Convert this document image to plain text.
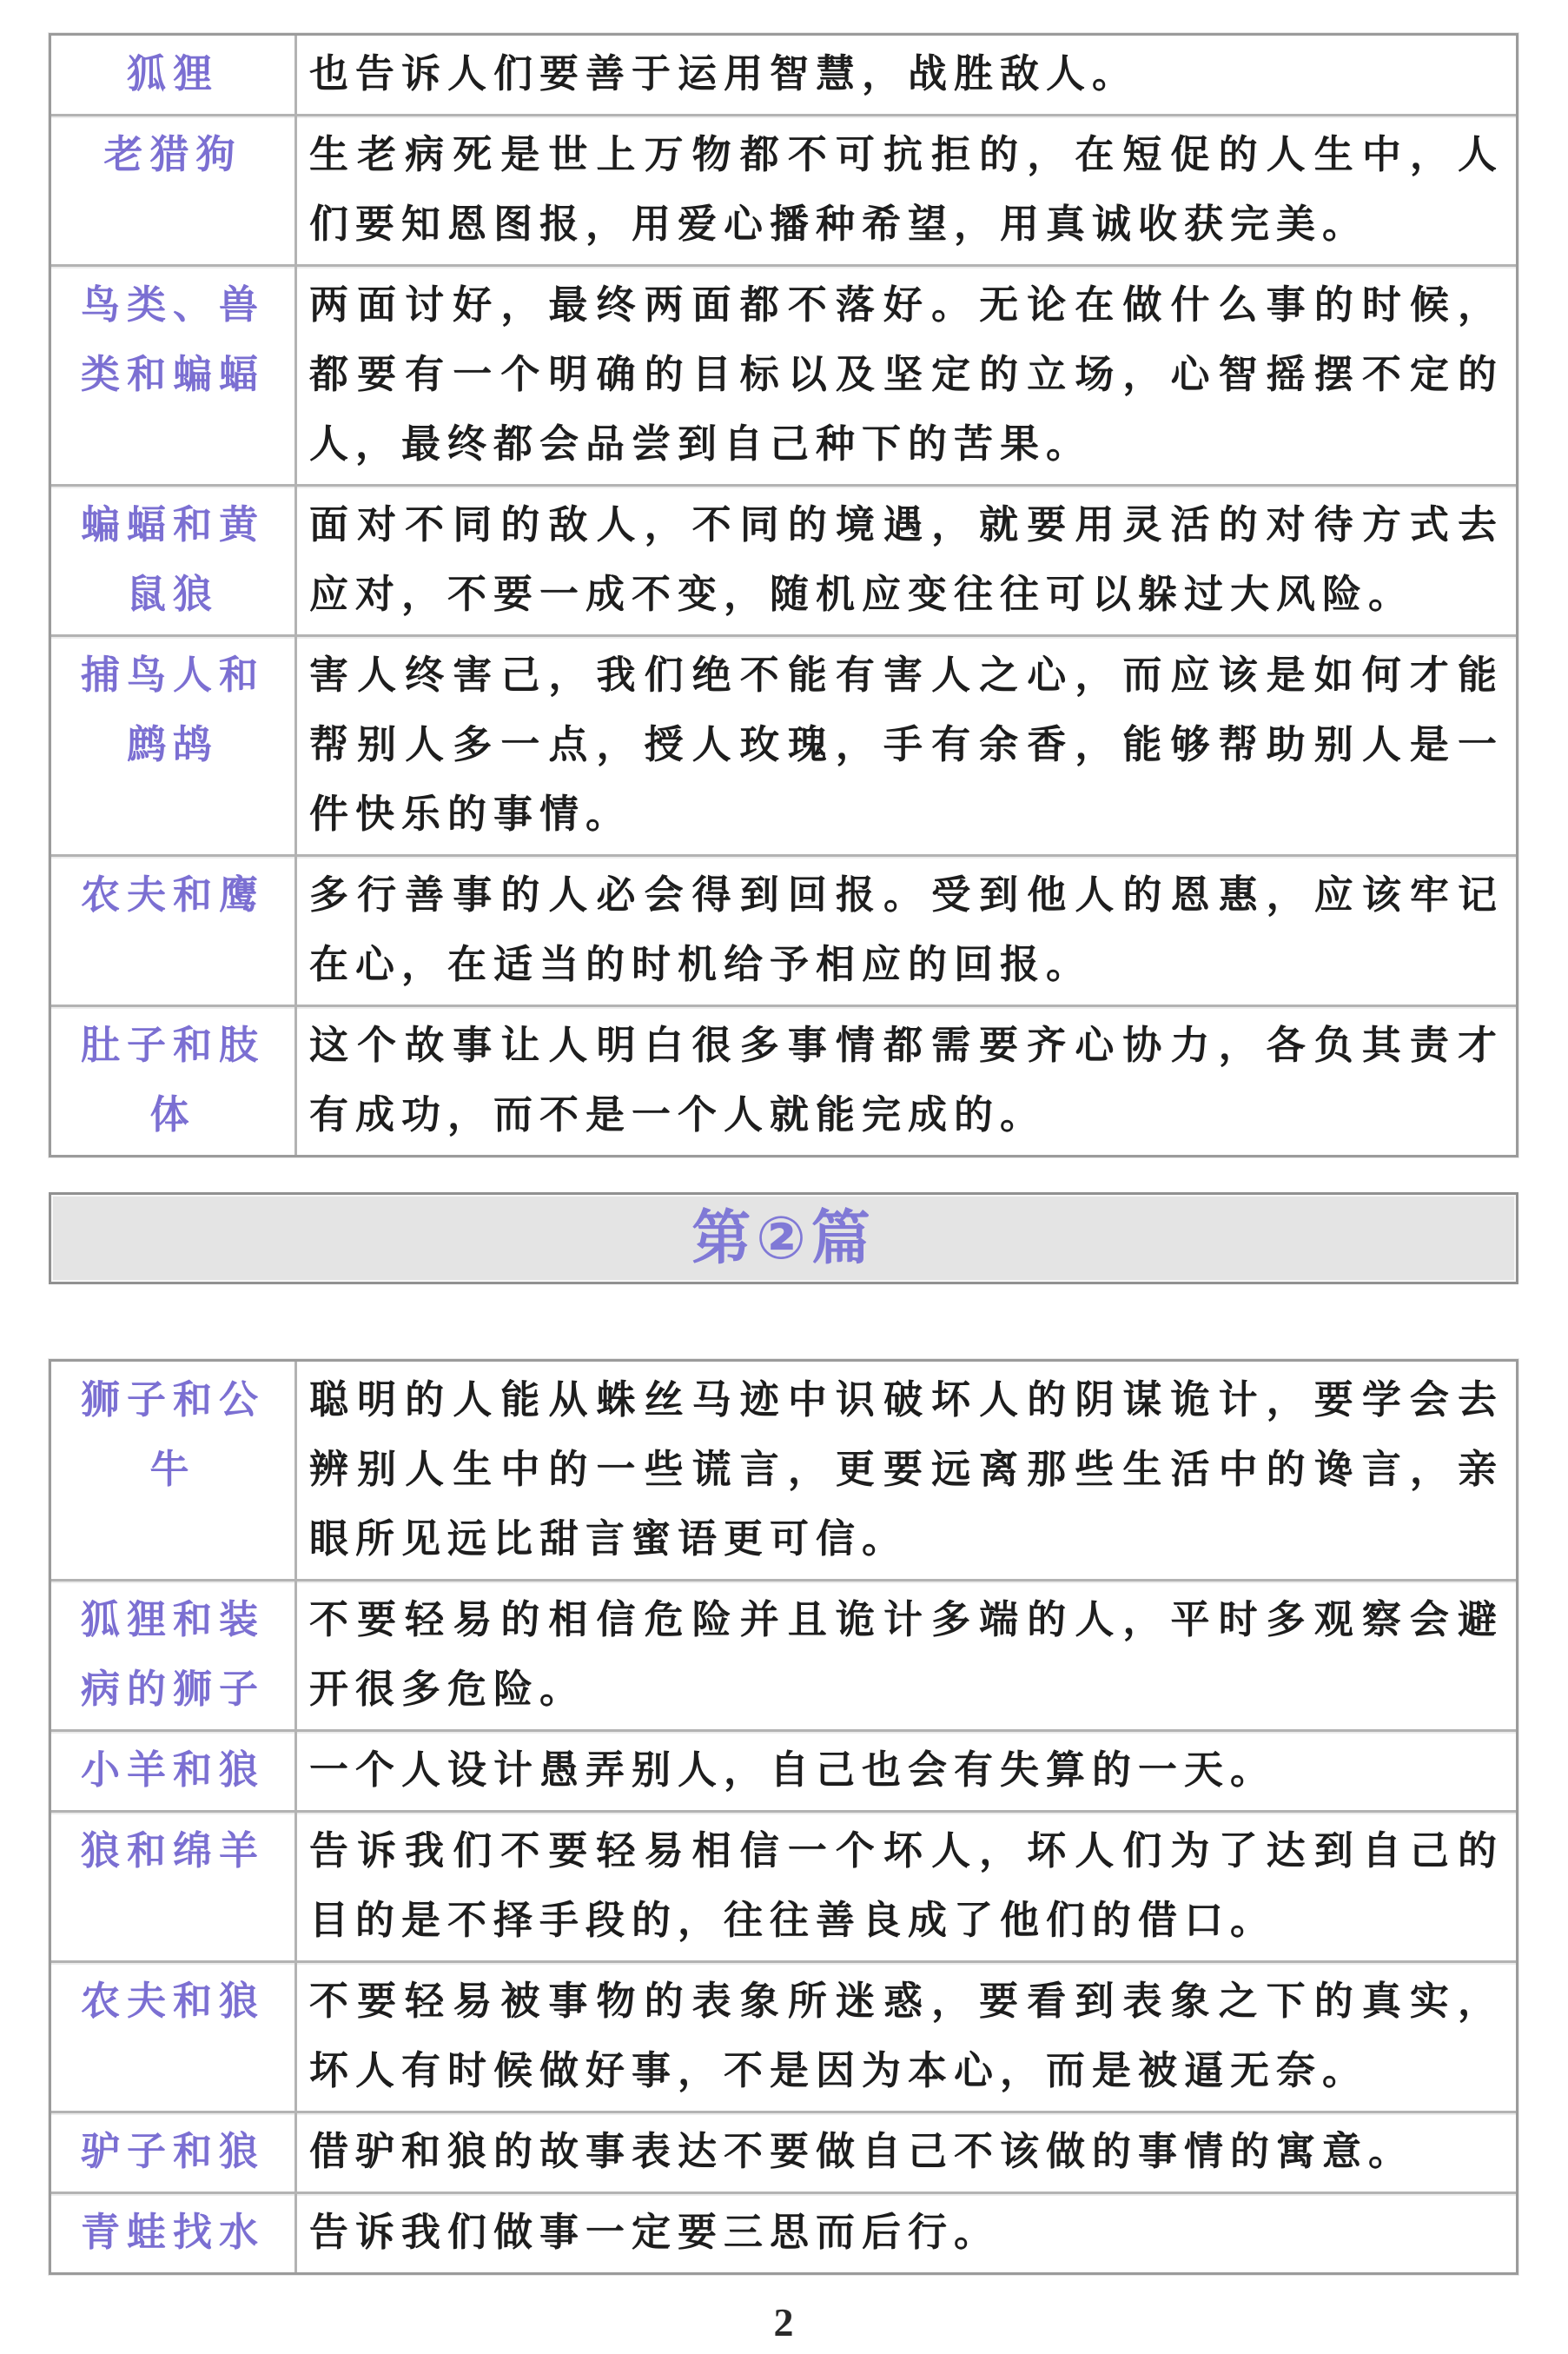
狐狸	也告诉人们要善于运用智慧，战胜敌人。
老猎狗	生老病死是世上万物都不可抗拒的，在短促的人生中，人们要知恩图报，用爱心播种希望，用真诚收获完美。
鸟类、兽类和蝙蝠	两面讨好，最终两面都不落好。无论在做什么事的时候，都要有一个明确的目标以及坚定的立场，心智摇摆不定的人，最终都会品尝到自己种下的苦果。
蝙蝠和黄鼠狼	面对不同的敌人，不同的境遇，就要用灵活的对待方式去应对，不要一成不变，随机应变往往可以躲过大风险。
捕鸟人和鹧鸪	害人终害己，我们绝不能有害人之心，而应该是如何才能帮别人多一点，授人玫瑰，手有余香，能够帮助别人是一件快乐的事情。
农夫和鹰	多行善事的人必会得到回报。受到他人的恩惠，应该牢记在心，在适当的时机给予相应的回报。
肚子和肢体	这个故事让人明白很多事情都需要齐心协力，各负其责才有成功，而不是一个人就能完成的。
第②篇
狮子和公牛	聪明的人能从蛛丝马迹中识破坏人的阴谋诡计，要学会去辨别人生中的一些谎言，更要远离那些生活中的谗言，亲眼所见远比甜言蜜语更可信。
狐狸和装病的狮子	不要轻易的相信危险并且诡计多端的人，平时多观察会避开很多危险。
小羊和狼	一个人设计愚弄别人，自己也会有失算的一天。
狼和绵羊	告诉我们不要轻易相信一个坏人，坏人们为了达到自己的目的是不择手段的，往往善良成了他们的借口。
农夫和狼	不要轻易被事物的表象所迷惑，要看到表象之下的真实，坏人有时候做好事，不是因为本心，而是被逼无奈。
驴子和狼	借驴和狼的故事表达不要做自己不该做的事情的寓意。
青蛙找水	告诉我们做事一定要三思而后行。
2
